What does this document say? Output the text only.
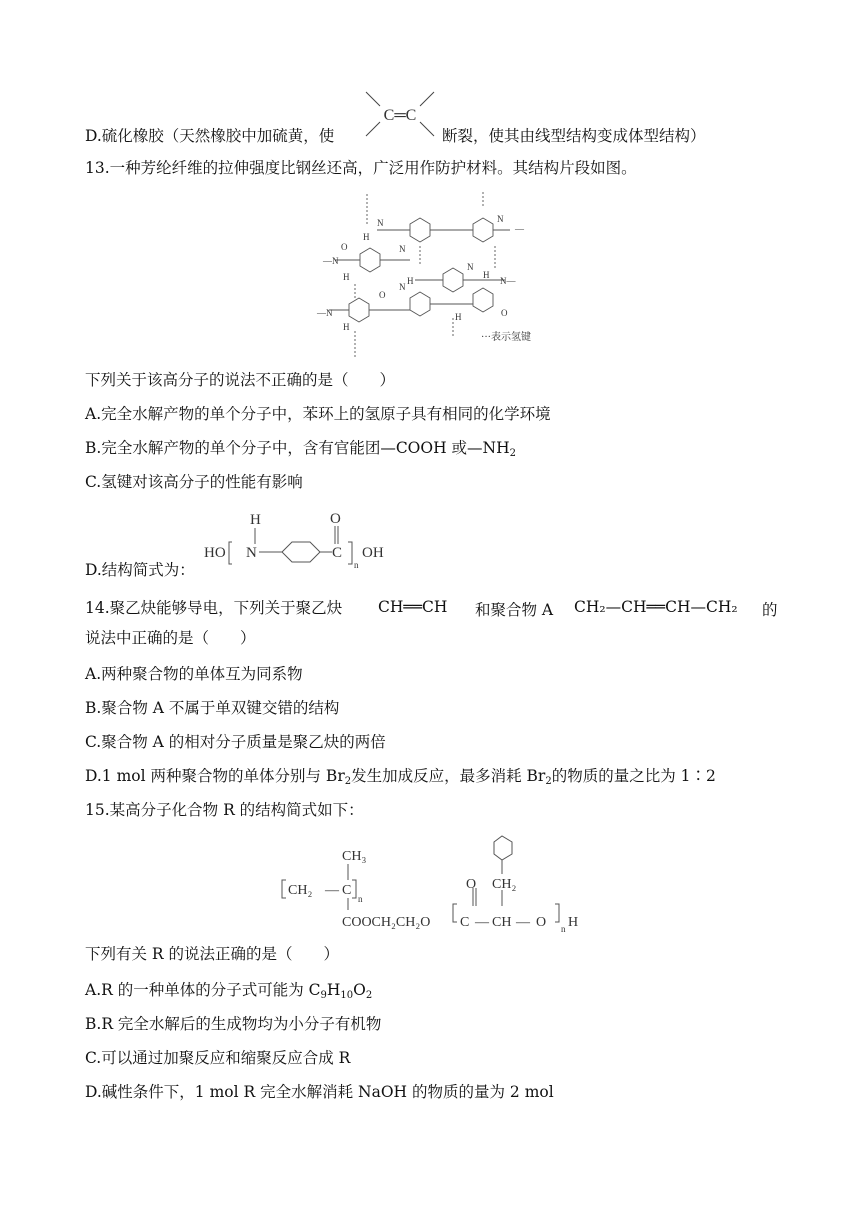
D.硫化橡胶（天然橡胶中加硫黄，使
C═C
断裂，使其由线型结构变成体型结构）
13.一种芳纶纤维的拉伸强度比钢丝还高，广泛用作防护材料。其结构片段如图。
H
N	N
—
—N
O
H
N
H
N
H
N—
—N
H
O
N
H	O
···表示氢键
下列关于该高分子的说法不正确的是（　　）
A.完全水解产物的单个分子中，苯环上的氢原子具有相同的化学环境
B.完全水解产物的单个分子中，含有官能团—COOH 或$—NH_2$
C.氢键对该高分子的性能有影响
D.结构简式为：
HO
H
N
O
C
n
OH
14.聚乙炔能够导电，下列关于聚乙炔 CH══CH 和聚合物 A CH₂—CH══CH—CH₂ 的
说法中正确的是（　　）
A.两种聚合物的单体互为同系物
B.聚合物 A 不属于单双键交错的结构
C.聚合物 A 的相对分子质量是聚乙炔的两倍
D.1 mol 两种聚合物的单体分别与 $Br_2$发生加成反应，最多消耗 $Br_2$的物质的量之比为 1∶2
15.某高分子化合物 R 的结构简式如下：
CH₃
CH₂ — C
n
COOCH₂CH₂O
O CH₂
C — CH — O n H
下列有关 R 的说法正确的是（　　）
A.R 的一种单体的分子式可能为 $C_9H_{10}O_2$
B.R 完全水解后的生成物均为小分子有机物
C.可以通过加聚反应和缩聚反应合成 R
D.碱性条件下，1 mol R 完全水解消耗 NaOH 的物质的量为 2 mol
